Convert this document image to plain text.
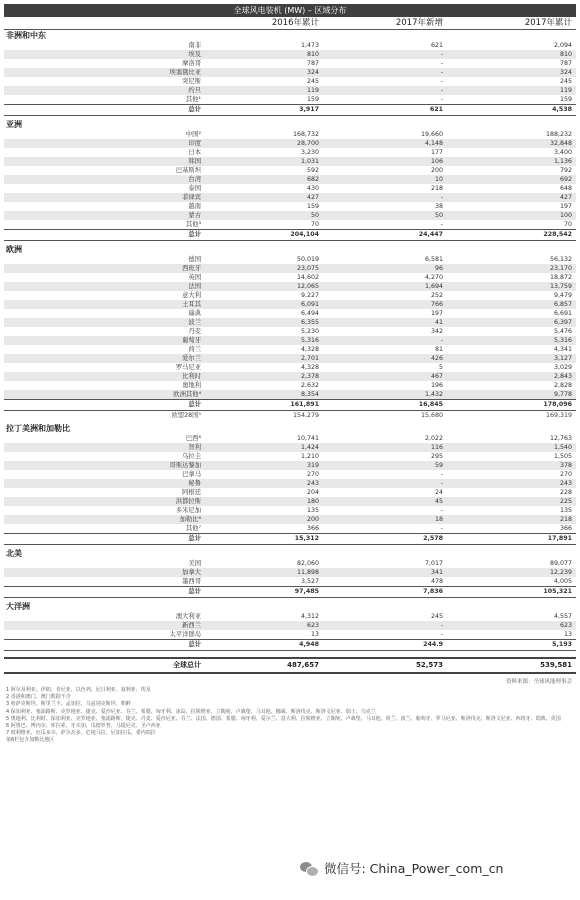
全球风电装机 (MW) – 区域分布
2016年累计	2017年新增	2017年累计
非洲和中东
南非	1,473	621	2,094
埃及	810	-	810
摩洛哥	787	-	787
埃塞俄比亚	324	-	324
突尼斯	245	-	245
约旦	119	-	119
其他¹	159	-	159
总计	3,917	621	4,538
亚洲
中国²	168,732	19,660	188,232
印度	28,700	4,148	32,848
日本	3,230	177	3,400
韩国	1,031	106	1,136
巴基斯坦	592	200	792
台湾	682	10	692
泰国	430	218	648
菲律宾	427	-	427
越南	159	38	197
蒙古	50	50	100
其他³	70	-	70
总计	204,104	24,447	228,542
欧洲
德国	50,019	6,581	56,132
西班牙	23,075	96	23,170
英国	14,602	4,270	18,872
法国	12,065	1,694	13,759
意大利	9,227	252	9,479
土耳其	6,091	766	6,857
瑞典	6,494	197	6,691
波兰	6,355	41	6,397
丹麦	5,230	342	5,476
葡萄牙	5,316	-	5,316
荷兰	4,328	81	4,341
爱尔兰	2,701	426	3,127
罗马尼亚	4,328	5	3,029
比利时	2,378	467	2,843
奥地利	2,632	196	2,828
欧洲其他⁴	8,354	1,432	9,778
总计	161,891	16,845	178,096
欧盟28国⁵	154,279	15,680	169,319
拉丁美洲和加勒比
巴西⁶	10,741	2,022	12,763
智利	1,424	116	1,540
乌拉圭	1,210	295	1,505
哥斯达黎加	319	59	378
巴拿马	270	-	270
秘鲁	243	-	243
阿根廷	204	24	228
洪都拉斯	180	45	225
多米尼加	135	-	135
加勒比⁶	200	18	218
其他⁷	366	-	366
总计	15,312	2,578	17,891
北美
美国	82,060	7,017	89,077
加拿大	11,898	341	12,239
墨西哥	3,527	478	4,005
总计	97,485	7,836	105,321
大洋洲
澳大利亚	4,312	245	4,557
新西兰	623	-	623
太平洋群岛	13	-	13
总计	4,948	244.9	5,193
全球总计	487,657	52,573	539,581
资料来源：全球风能理事会
1 阿尔及利亚、伊朗、肯尼亚、以色列、尼日利亚、叙利亚、埃及
2 香港和澳门、澳门数据不含
3 哈萨克斯坦、斯里兰卡、孟加拉、乌兹别克斯坦、朝鲜
4 保加利亚、塞浦路斯、克罗地亚、捷克、爱沙尼亚、芬兰、希腊、匈牙利、冰岛、拉脱维亚、立陶宛、卢森堡、马耳他、挪威、斯洛伐克、斯洛文尼亚、瑞士、乌克兰
5 奥地利、比利时、保加利亚、克罗地亚、塞浦路斯、捷克、丹麦、爱沙尼亚、芬兰、法国、德国、希腊、匈牙利、爱尔兰、意大利、拉脱维亚、立陶宛、卢森堡、马耳他、荷兰、波兰、葡萄牙、罗马尼亚、斯洛伐克、斯洛文尼亚、西班牙、瑞典、英国
6 阿鲁巴、博内尔、库拉索、牙买加、瓜德罗普、马提尼克、圣卢西亚
7 玻利维亚、厄瓜多尔、萨尔瓦多、危地马拉、尼加拉瓜、委内瑞拉
第6栏包含加勒比地区
微信号: China_Power_com_cn
